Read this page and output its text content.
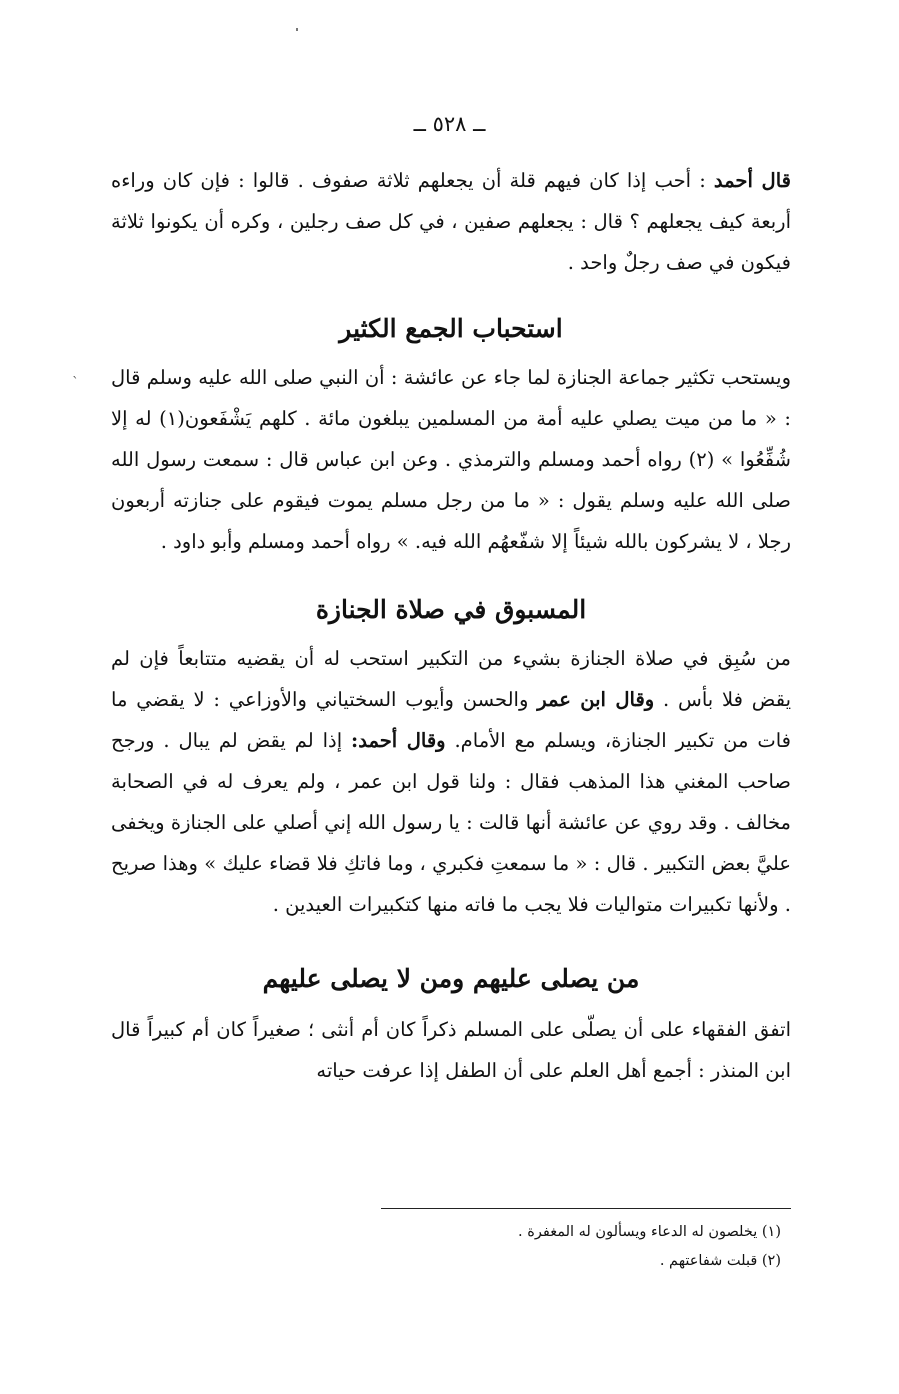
ــ ٥٢٨ ــ
ˋ

قال أحمد : أحب إذا كان فيهم قلة أن يجعلهم ثلاثة صفوف . قالوا : فإن كان وراءه أربعة كيف يجعلهم ؟ قال : يجعلهم صفين ، في كل صف رجلين ، وكره أن يكونوا ثلاثة فيكون في صف رجلٌ واحد .

استحباب الجمع الكثير

ويستحب تكثير جماعة الجنازة لما جاء عن عائشة : أن النبي صلى الله عليه وسلم قال : « ما من ميت يصلي عليه أمة من المسلمين يبلغون مائة . كلهم يَشْفَعون(١) له إلا شُفِّعُوا » (٢) رواه أحمد ومسلم والترمذي . وعن ابن عباس قال : سمعت رسول الله صلى الله عليه وسلم يقول : « ما من رجل مسلم يموت فيقوم على جنازته أربعون رجلا ، لا يشركون بالله شيئاً إلا شفّعهُم الله فيه. » رواه أحمد ومسلم وأبو داود .

المسبوق في صلاة الجنازة

من سُبِق في صلاة الجنازة بشيء من التكبير استحب له أن يقضيه متتابعاً فإن لم يقض فلا بأس . وقال ابن عمر والحسن وأيوب السختياني والأوزاعي : لا يقضي ما فات من تكبير الجنازة، ويسلم مع الأمام. وقال أحمد: إذا لم يقض لم يبال . ورجح صاحب المغني هذا المذهب فقال : ولنا قول ابن عمر ، ولم يعرف له في الصحابة مخالف . وقد روي عن عائشة أنها قالت : يا رسول الله إني أصلي على الجنازة ويخفى عليَّ بعض التكبير . قال : « ما سمعتِ فكبري ، وما فاتكِ فلا قضاء عليك » وهذا صريح . ولأنها تكبيرات متواليات فلا يجب ما فاته منها كتكبيرات العيدين .

من يصلى عليهم ومن لا يصلى عليهم

اتفق الفقهاء على أن يصلّى على المسلم ذكراً كان أم أنثى ؛ صغيراً كان أم كبيراً قال ابن المنذر : أجمع أهل العلم على أن الطفل إذا عرفت حياته

(١) يخلصون له الدعاء ويسألون له المغفرة .

(٢) قبلت شفاعتهم .
